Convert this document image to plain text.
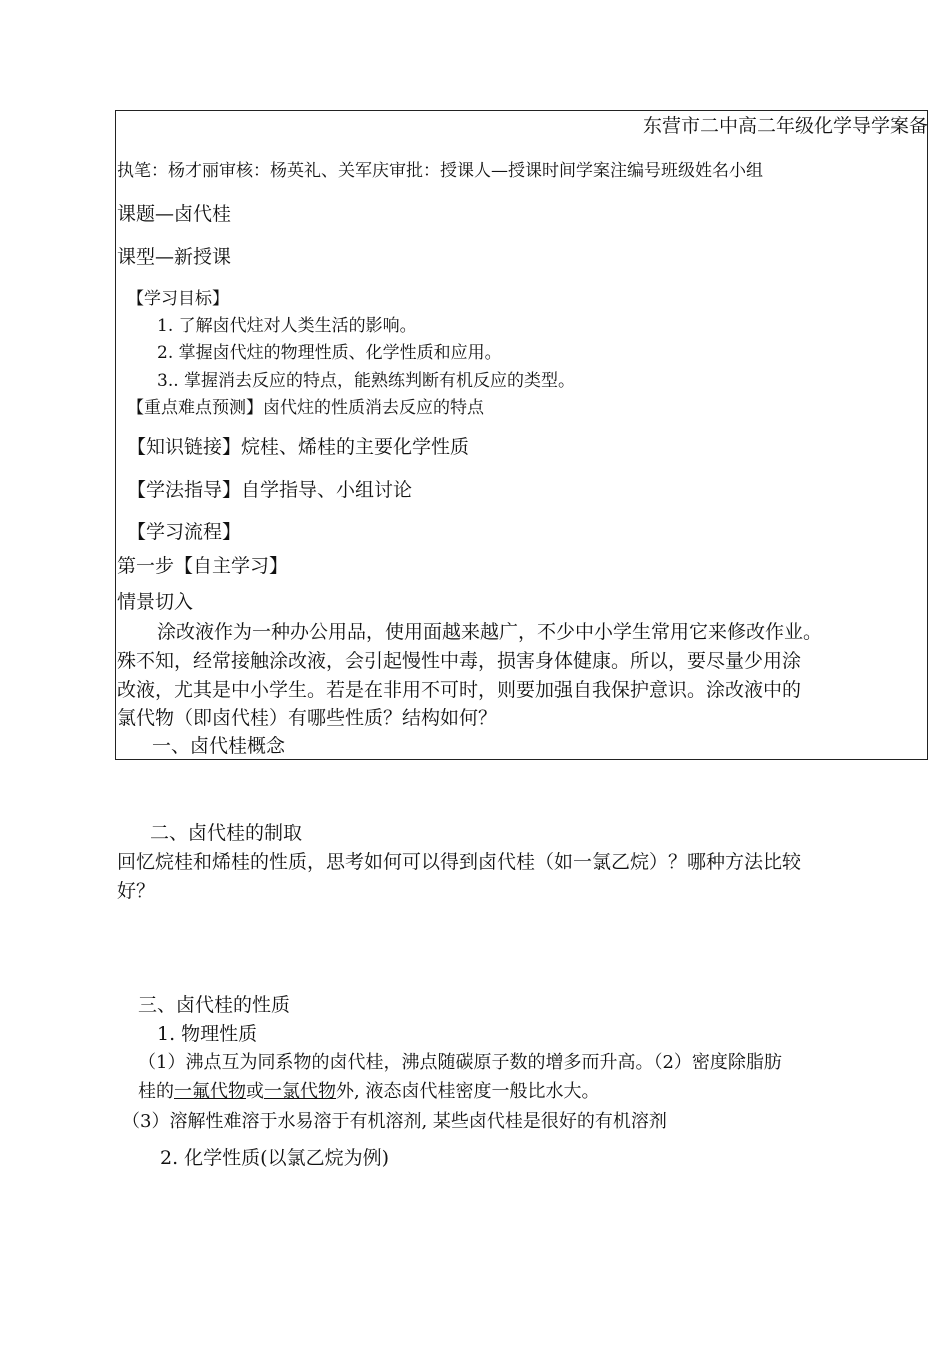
东营市二中高二年级化学导学案备
执笔：杨才丽审核：杨英礼、关军庆审批：授课人—授课时间学案注编号班级姓名小组
课题—卤代桂
课型—新授课
【学习目标】
1. 了解卤代炷对人类生活的影响。
2. 掌握卤代炷的物理性质、化学性质和应用。
3.. 掌握消去反应的特点，能熟练判断有机反应的类型。
【重点难点预测】卤代炷的性质消去反应的特点
【知识链接】烷桂、烯桂的主要化学性质
【学法指导】自学指导、小组讨论
【学习流程】
第一步【自主学习】
情景切入
涂改液作为一种办公用品，使用面越来越广，不少中小学生常用它来修改作业。
殊不知，经常接触涂改液，会引起慢性中毒，损害身体健康。所以，要尽量少用涂
改液，尤其是中小学生。若是在非用不可时，则要加强自我保护意识。涂改液中的
氯代物（即卤代桂）有哪些性质？结构如何？
一、卤代桂概念
二、卤代桂的制取
回忆烷桂和烯桂的性质，思考如何可以得到卤代桂（如一氯乙烷）？哪种方法比较
好？
三、卤代桂的性质
1. 物理性质
（1）沸点互为同系物的卤代桂，沸点随碳原子数的增多而升高。（2）密度除脂肪
桂的一氟代物或一氯代物外, 液态卤代桂密度一般比水大。
（3）溶解性难溶于水易溶于有机溶剂, 某些卤代桂是很好的有机溶剂
2. 化学性质(以氯乙烷为例)
